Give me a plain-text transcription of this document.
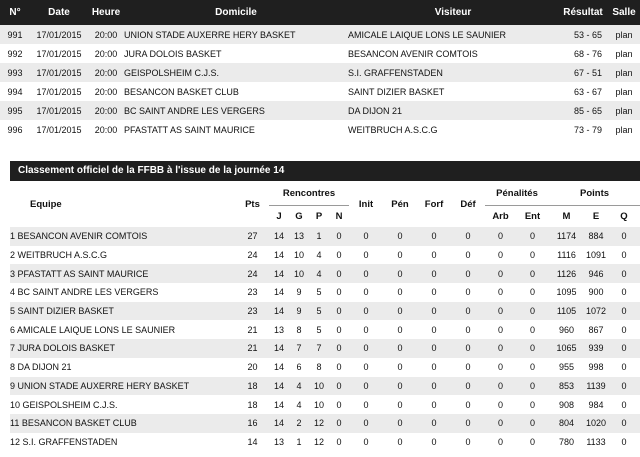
N°	Date	Heure	Domicile	Visiteur	Résultat	Salle
991	17/01/2015	20:00	UNION STADE AUXERRE HERY BASKET	AMICALE LAIQUE LONS LE SAUNIER	53 - 65	plan
992	17/01/2015	20:00	JURA DOLOIS BASKET	BESANCON AVENIR COMTOIS	68 - 76	plan
993	17/01/2015	20:00	GEISPOLSHEIM C.J.S.	S.I. GRAFFENSTADEN	67 - 51	plan
994	17/01/2015	20:00	BESANCON BASKET CLUB	SAINT DIZIER BASKET	63 - 67	plan
995	17/01/2015	20:00	BC SAINT ANDRE LES VERGERS	DA DIJON 21	85 - 65	plan
996	17/01/2015	20:00	PFASTATT AS SAINT MAURICE	WEITBRUCH A.S.C.G	73 - 79	plan
Classement officiel de la FFBB à l'issue de la journée 14
Equipe	Pts	Rencontres				Init	Pén	Forf	Déf	Pénalités		Points		
		J	G	P	N					Arb	Ent	M	E	Q
1 BESANCON AVENIR COMTOIS	27	14	13	1	0	0	0	0	0	0	0	1174	884	0
2 WEITBRUCH A.S.C.G	24	14	10	4	0	0	0	0	0	0	0	1116	1091	0
3 PFASTATT AS SAINT MAURICE	24	14	10	4	0	0	0	0	0	0	0	1126	946	0
4 BC SAINT ANDRE LES VERGERS	23	14	9	5	0	0	0	0	0	0	0	1095	900	0
5 SAINT DIZIER BASKET	23	14	9	5	0	0	0	0	0	0	0	1105	1072	0
6 AMICALE LAIQUE LONS LE SAUNIER	21	13	8	5	0	0	0	0	0	0	0	960	867	0
7 JURA DOLOIS BASKET	21	14	7	7	0	0	0	0	0	0	0	1065	939	0
8 DA DIJON 21	20	14	6	8	0	0	0	0	0	0	0	955	998	0
9 UNION STADE AUXERRE HERY BASKET	18	14	4	10	0	0	0	0	0	0	0	853	1139	0
10 GEISPOLSHEIM C.J.S.	18	14	4	10	0	0	0	0	0	0	0	908	984	0
11 BESANCON BASKET CLUB	16	14	2	12	0	0	0	0	0	0	0	804	1020	0
12 S.I. GRAFFENSTADEN	14	13	1	12	0	0	0	0	0	0	0	780	1133	0
